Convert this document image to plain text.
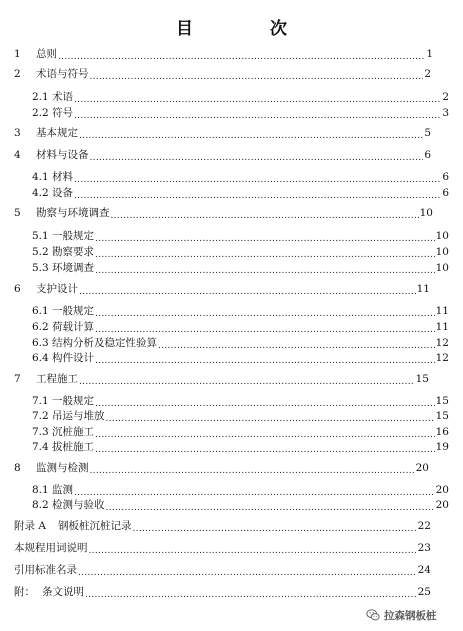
目　次
1	总则 .....	1
2	术语与符号 .....	2
2.1 术语 .....	2
2.2 符号 .....	3
3	基本规定 .....	5
4	材料与设备 .....	6
4.1 材料 .....	6
4.2 设备 .....	6
5	勘察与环境调查 .....	10
5.1 一般规定 .....	10
5.2 勘察要求 .....	10
5.3 环境调查 .....	10
6	支护设计 .....	11
6.1 一般规定 .....	11
6.2 荷载计算 .....	11
6.3 结构分析及稳定性验算 .....	12
6.4 构件设计 .....	12
7	工程施工 .....	15
7.1 一般规定 .....	15
7.2 吊运与堆放 .....	15
7.3 沉桩施工 .....	16
7.4 拔桩施工 .....	19
8	监测与检测 .....	20
8.1 监测 .....	20
8.2 检测与验收 .....	20
附录 A	钢板桩沉桩记录 .....	22
本规程用词说明 .....	23
引用标准名录 .....	24
附： 条文说明 .....	25
拉森钢板桩
